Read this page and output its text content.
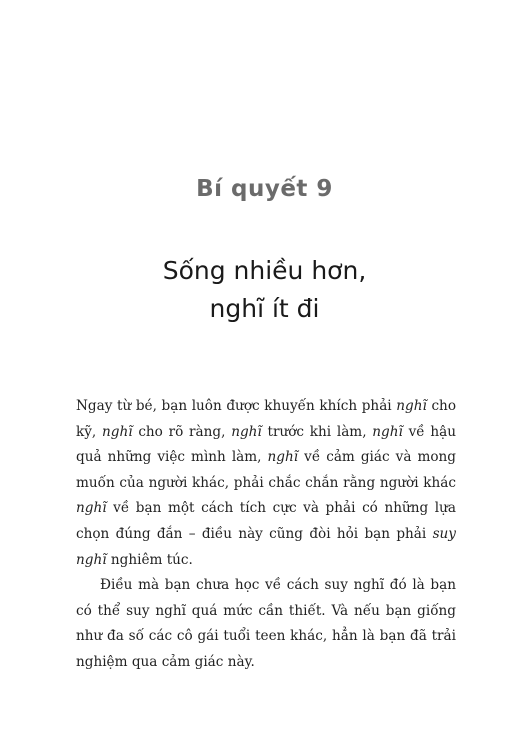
Bí quyết 9
Sống nhiều hơn,
nghĩ ít đi

Ngay từ bé, bạn luôn được khuyến khích phải nghĩ cho kỹ, nghĩ cho rõ ràng, nghĩ trước khi làm, nghĩ về hậu quả những việc mình làm, nghĩ về cảm giác và mong muốn của người khác, phải chắc chắn rằng người khác nghĩ về bạn một cách tích cực và phải có những lựa chọn đúng đắn – điều này cũng đòi hỏi bạn phải suy nghĩ nghiêm túc.

Điều mà bạn chưa học về cách suy nghĩ đó là bạn có thể suy nghĩ quá mức cần thiết. Và nếu bạn giống như đa số các cô gái tuổi teen khác, hẳn là bạn đã trải nghiệm qua cảm giác này.
